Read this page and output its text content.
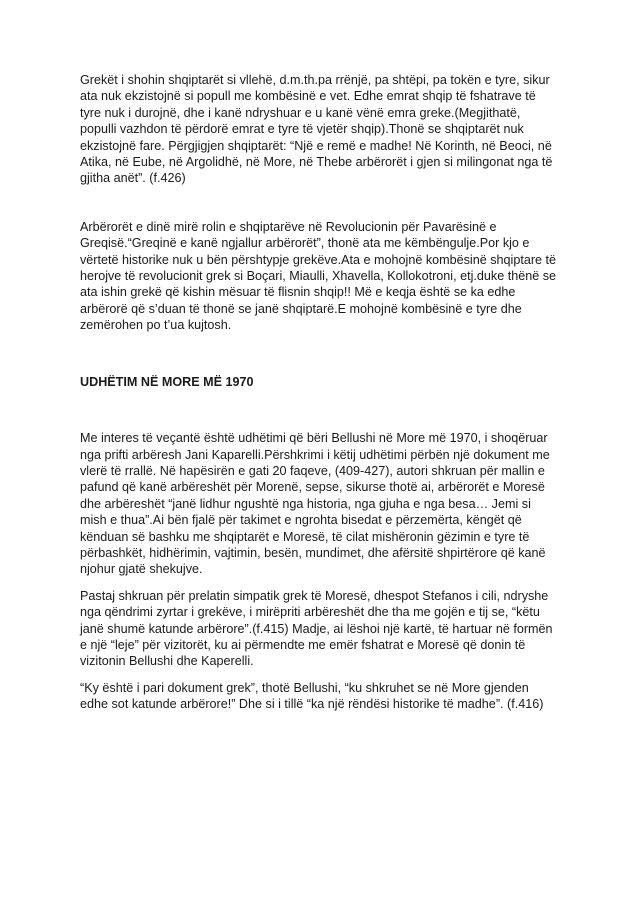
Grekët i shohin shqiptarët si vllehë, d.m.th.pa rrënjë, pa shtëpi, pa tokën e tyre, sikur ata nuk ekzistojnë si popull me kombësinë e vet. Edhe emrat shqip të fshatrave të tyre nuk i durojnë, dhe i kanë ndryshuar e u kanë vënë emra greke.(Megjithatë, populli vazhdon të përdorë emrat e tyre të vjetër shqip).Thonë se shqiptarët nuk ekzistojnë fare. Përgjigjen shqiptarët: “Një e remë e madhe! Në Korinth, në Beoci, në Atika, në Eube, në Argolidhë, në More, në Thebe arbërorët i gjen si milingonat nga të gjitha anët”. (f.426)

Arbërorët e dinë mirë rolin e shqiptarëve në Revolucionin për Pavarësinë e Greqisë.“Greqinë e kanë ngjallur arbërorët”, thonë ata me këmbëngulje.Por kjo e vërtetë historike nuk u bën përshtypje grekëve.Ata e mohojnë kombësinë shqiptare të herojve të revolucionit grek si Boçari, Miaulli, Xhavella, Kollokotroni, etj.duke thënë se ata ishin grekë që kishin mësuar të flisnin shqip!! Më e keqja është se ka edhe arbërorë që s’duan të thonë se janë shqiptarë.E mohojnë kombësinë e tyre dhe zemërohen po t’ua kujtosh.

UDHËTIM NË MORE MË 1970

Me interes të veçantë është udhëtimi që bëri Bellushi në More më 1970, i shoqëruar nga prifti arbëresh Jani Kaparelli.Përshkrimi i këtij udhëtimi përbën një dokument me vlerë të rrallë. Në hapësirën e gati 20 faqeve, (409-427), autori shkruan për mallin e pafund që kanë arbëreshët për Morenë, sepse, sikurse thotë ai, arbërorët e Moresë dhe arbëreshët “janë lidhur ngushtë nga historia, nga gjuha e nga besa… Jemi si mish e thua”.Ai bën fjalë për takimet e ngrohta bisedat e përzemërta, këngët që kënduan së bashku me shqiptarët e Moresë, të cilat mishëronin gëzimin e tyre të përbashkët, hidhërimin, vajtimin, besën, mundimet, dhe afërsitë shpirtërore që kanë njohur gjatë shekujve.

Pastaj shkruan për prelatin simpatik grek të Moresë, dhespot Stefanos i cili, ndryshe nga qëndrimi zyrtar i grekëve, i mirëpriti arbëreshët dhe tha me gojën e tij se, “këtu janë shumë katunde arbërore”.(f.415) Madje, ai lëshoi një kartë, të hartuar në formën e një “leje” për vizitorët, ku ai përmendte me emër fshatrat e Moresë që donin të vizitonin Bellushi dhe Kaperelli.

“Ky është i pari dokument grek”, thotë Bellushi, “ku shkruhet se në More gjenden edhe sot katunde arbërore!” Dhe si i tillë “ka një rëndësi historike të madhe”. (f.416)
